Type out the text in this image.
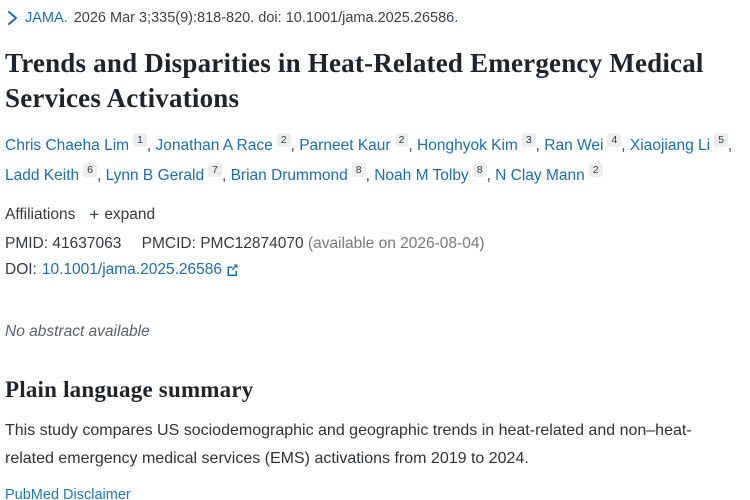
JAMA. 2026 Mar 3;335(9):818-820. doi: 10.1001/jama.2025.26586.
Trends and Disparities in Heat-Related Emergency Medical Services Activations
Chris Chaeha Lim 1 , Jonathan A Race 2 , Parneet Kaur 2 , Honghyok Kim 3 , Ran Wei 4 , Xiaojiang Li 5 , Ladd Keith 6 , Lynn B Gerald 7 , Brian Drummond 8 , Noah M Tolby 8 , N Clay Mann 2
Affiliations + expand
PMID: 41637063 PMCID: PMC12874070 (available on 2026-08-04)
DOI: 10.1001/jama.2025.26586
No abstract available
Plain language summary

This study compares US sociodemographic and geographic trends in heat-related and non–heat-related emergency medical services (EMS) activations from 2019 to 2024.

PubMed Disclaimer
